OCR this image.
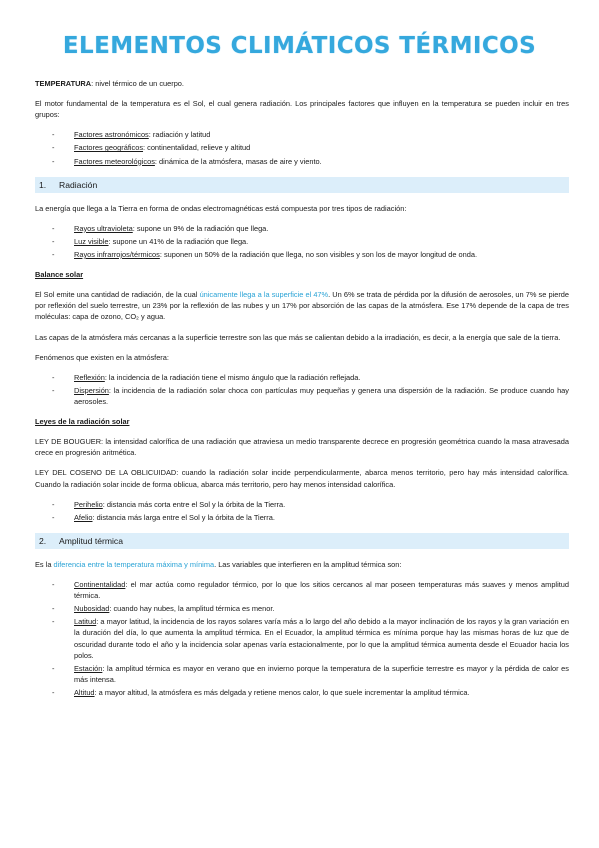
ELEMENTOS CLIMÁTICOS TÉRMICOS

TEMPERATURA: nivel térmico de un cuerpo.

El motor fundamental de la temperatura es el Sol, el cual genera radiación. Los principales factores que influyen en la temperatura se pueden incluir en tres grupos:

-	Factores astronómicos: radiación y latitud
-	Factores geográficos: continentalidad, relieve y altitud
-	Factores meteorológicos: dinámica de la atmósfera, masas de aire y viento.
1. Radiación

La energía que llega a la Tierra en forma de ondas electromagnéticas está compuesta por tres tipos de radiación:

-	Rayos ultravioleta: supone un 9% de la radiación que llega.
-	Luz visible: supone un 41% de la radiación que llega.
-	Rayos infrarrojos/térmicos: suponen un 50% de la radiación que llega, no son visibles y son los de mayor longitud de onda.
Balance solar

El Sol emite una cantidad de radiación, de la cual únicamente llega a la superficie el 47%. Un 6% se trata de pérdida por la difusión de aerosoles, un 7% se pierde por reflexión del suelo terrestre, un 23% por la reflexión de las nubes y un 17% por absorción de las capas de la atmósfera. Ese 17% depende de la capa de tres moléculas: capa de ozono, CO₂ y agua.

Las capas de la atmósfera más cercanas a la superficie terrestre son las que más se calientan debido a la irradiación, es decir, a la energía que sale de la tierra.

Fenómenos que existen en la atmósfera:

-	Reflexión: la incidencia de la radiación tiene el mismo ángulo que la radiación reflejada.
-	Dispersión: la incidencia de la radiación solar choca con partículas muy pequeñas y genera una dispersión de la radiación. Se produce cuando hay aerosoles.
Leyes de la radiación solar

LEY DE BOUGUER: la intensidad calorífica de una radiación que atraviesa un medio transparente decrece en progresión geométrica cuando la masa atravesada crece en progresión aritmética.

LEY DEL COSENO DE LA OBLICUIDAD: cuando la radiación solar incide perpendicularmente, abarca menos territorio, pero hay más intensidad calorífica. Cuando la radiación solar incide de forma oblicua, abarca más territorio, pero hay menos intensidad calorífica.

-	Perihelio: distancia más corta entre el Sol y la órbita de la Tierra.
-	Afelio: distancia más larga entre el Sol y la órbita de la Tierra.
2. Amplitud térmica

Es la diferencia entre la temperatura máxima y mínima. Las variables que interfieren en la amplitud térmica son:

-	Continentalidad: el mar actúa como regulador térmico, por lo que los sitios cercanos al mar poseen temperaturas más suaves y menos amplitud térmica.
-	Nubosidad: cuando hay nubes, la amplitud térmica es menor.
-	Latitud: a mayor latitud, la incidencia de los rayos solares varía más a lo largo del año debido a la mayor inclinación de los rayos y la gran variación en la duración del día, lo que aumenta la amplitud térmica. En el Ecuador, la amplitud térmica es mínima porque hay las mismas horas de luz que de oscuridad durante todo el año y la incidencia solar apenas varía estacionalmente, por lo que la amplitud térmica aumenta desde el Ecuador hacia los polos.
-	Estación: la amplitud térmica es mayor en verano que en invierno porque la temperatura de la superficie terrestre es mayor y la pérdida de calor es más intensa.
-	Altitud: a mayor altitud, la atmósfera es más delgada y retiene menos calor, lo que suele incrementar la amplitud térmica.
